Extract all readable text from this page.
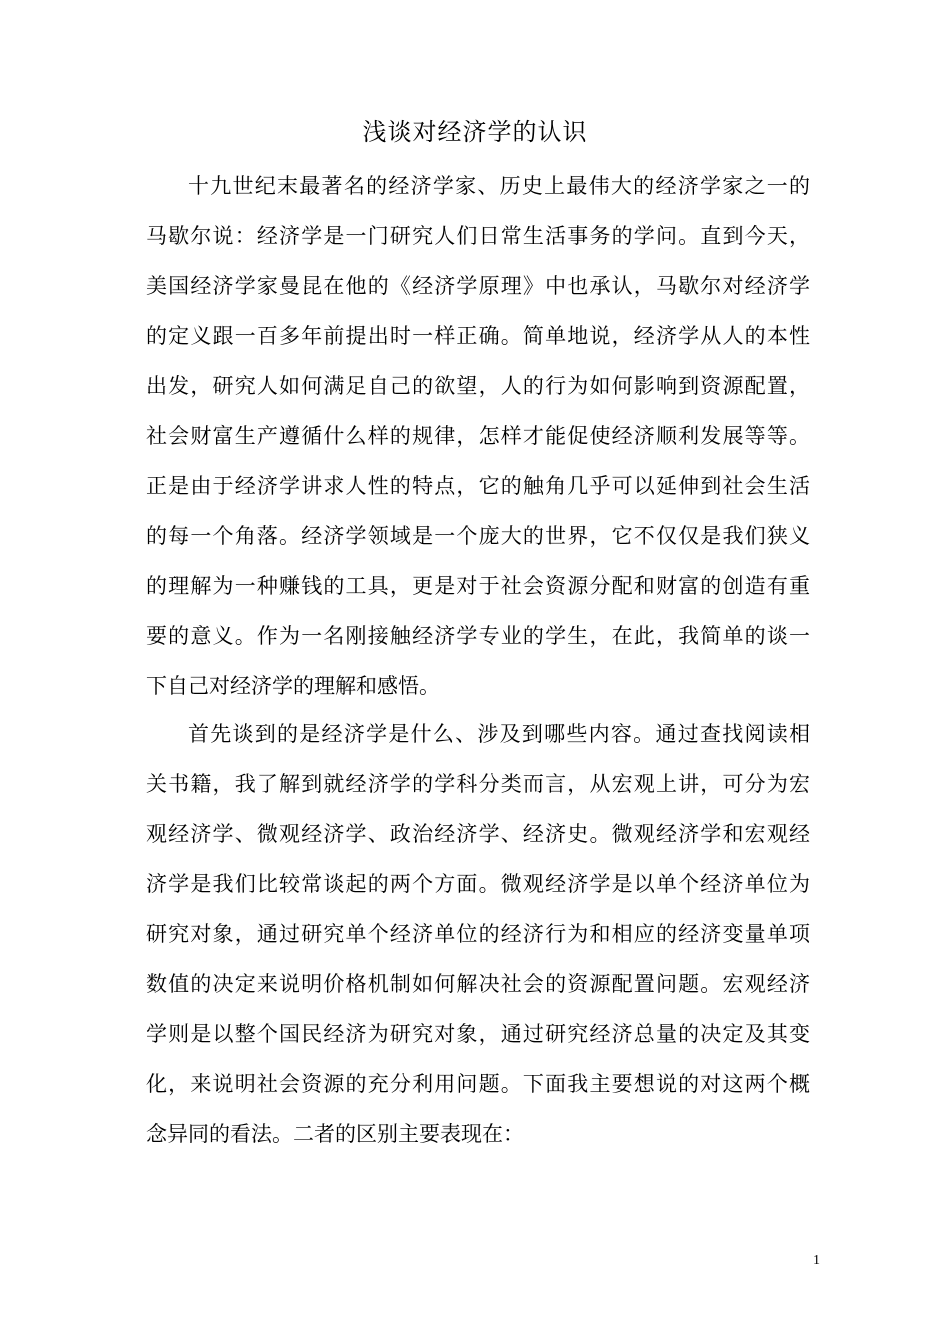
浅谈对经济学的认识
十九世纪末最著名的经济学家、历史上最伟大的经济学家之一的
马歇尔说：经济学是一门研究人们日常生活事务的学问。直到今天，
美国经济学家曼昆在他的《经济学原理》中也承认，马歇尔对经济学
的定义跟一百多年前提出时一样正确。简单地说，经济学从人的本性
出发，研究人如何满足自己的欲望，人的行为如何影响到资源配置，
社会财富生产遵循什么样的规律，怎样才能促使经济顺利发展等等。
正是由于经济学讲求人性的特点，它的触角几乎可以延伸到社会生活
的每一个角落。经济学领域是一个庞大的世界，它不仅仅是我们狭义
的理解为一种赚钱的工具，更是对于社会资源分配和财富的创造有重
要的意义。作为一名刚接触经济学专业的学生，在此，我简单的谈一
下自己对经济学的理解和感悟。
首先谈到的是经济学是什么、涉及到哪些内容。通过查找阅读相
关书籍，我了解到就经济学的学科分类而言，从宏观上讲，可分为宏
观经济学、微观经济学、政治经济学、经济史。微观经济学和宏观经
济学是我们比较常谈起的两个方面。微观经济学是以单个经济单位为
研究对象，通过研究单个经济单位的经济行为和相应的经济变量单项
数值的决定来说明价格机制如何解决社会的资源配置问题。宏观经济
学则是以整个国民经济为研究对象，通过研究经济总量的决定及其变
化，来说明社会资源的充分利用问题。下面我主要想说的对这两个概
念异同的看法。二者的区别主要表现在：
1
